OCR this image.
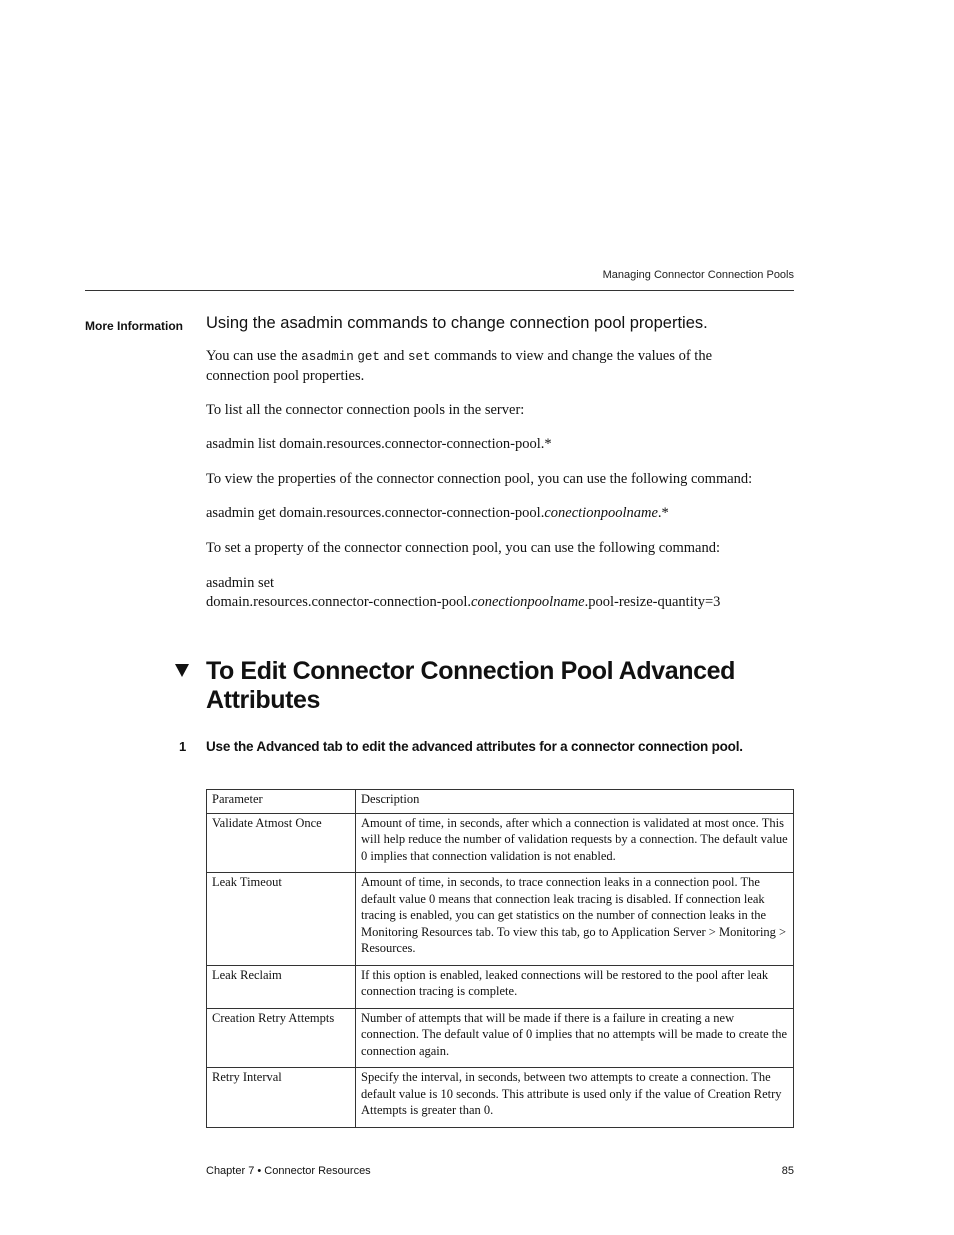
Managing Connector Connection Pools
More Information Using the asadmin commands to change connection pool properties.
You can use the asadmin get and set commands to view and change the values of the
connection pool properties.
To list all the connector connection pools in the server:
asadmin list domain.resources.connector-connection-pool.*
To view the properties of the connector connection pool, you can use the following command:
asadmin get domain.resources.connector-connection-pool.conectionpoolname.*
To set a property of the connector connection pool, you can use the following command:
asadmin set
domain.resources.connector-connection-pool.conectionpoolname.pool-resize-quantity=3
To Edit Connector Connection Pool Advanced
Attributes
1 Use the Advanced tab to edit the advanced attributes for a connector connection pool.
Parameter	Description
Validate Atmost Once	Amount of time, in seconds, after which a connection is validated at most once. This will help reduce the number of validation requests by a connection. The default value 0 implies that connection validation is not enabled.
Leak Timeout	Amount of time, in seconds, to trace connection leaks in a connection pool. The default value 0 means that connection leak tracing is disabled. If connection leak tracing is enabled, you can get statistics on the number of connection leaks in the Monitoring Resources tab. To view this tab, go to Application Server > Monitoring > Resources.
Leak Reclaim	If this option is enabled, leaked connections will be restored to the pool after leak connection tracing is complete.
Creation Retry Attempts	Number of attempts that will be made if there is a failure in creating a new connection. The default value of 0 implies that no attempts will be made to create the connection again.
Retry Interval	Specify the interval, in seconds, between two attempts to create a connection. The default value is 10 seconds. This attribute is used only if the value of Creation Retry Attempts is greater than 0.
Chapter 7 • Connector Resources	85
